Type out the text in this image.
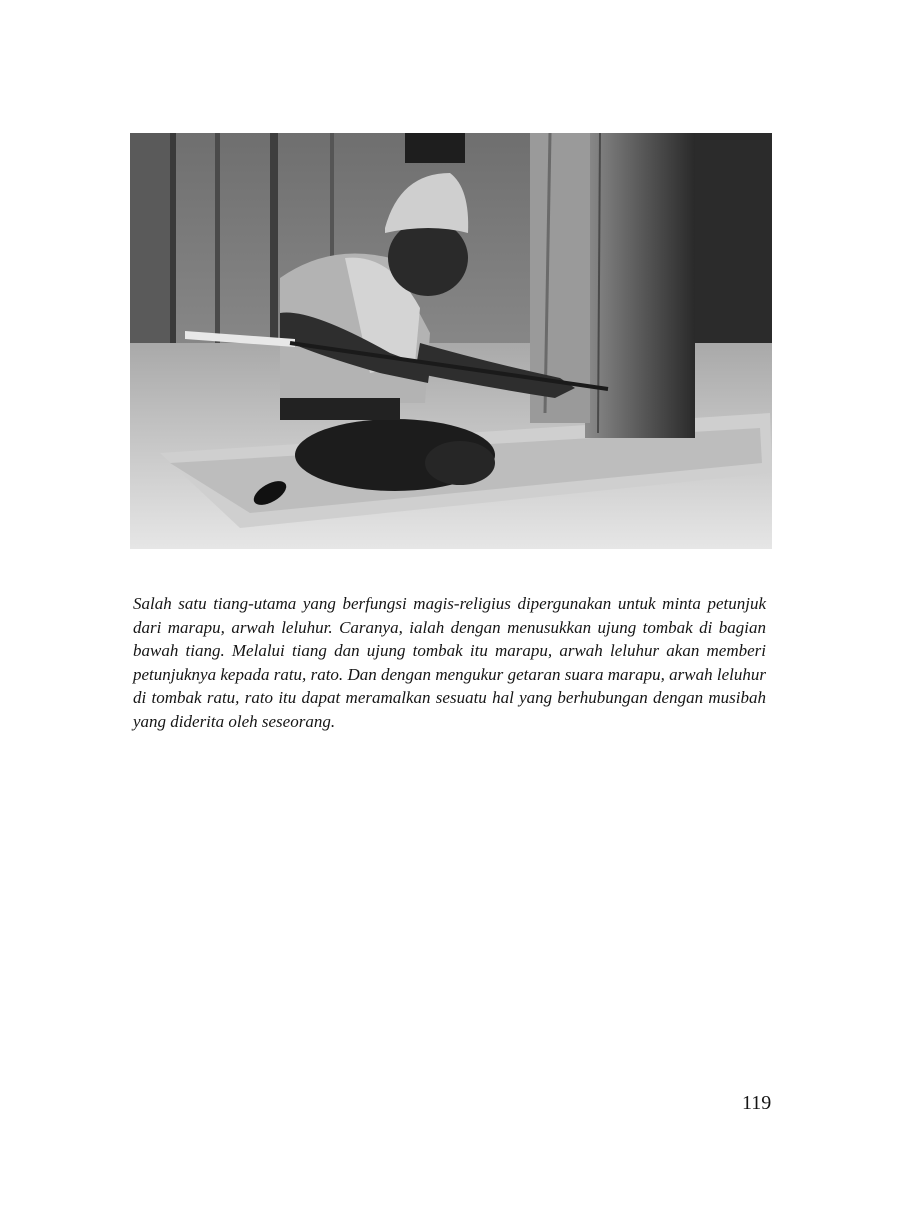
Salah satu tiang-utama yang berfungsi magis-religius dipergunakan untuk minta petunjuk dari marapu, arwah leluhur. Caranya, ialah dengan menusukkan ujung tombak di bagian bawah tiang. Melalui tiang dan ujung tombak itu marapu, arwah leluhur akan memberi petunjuknya kepada ratu, rato. Dan dengan mengukur getaran suara marapu, arwah leluhur di tombak ratu, rato itu dapat meramalkan sesuatu hal yang berhubungan dengan musibah yang diderita oleh seseorang.

119
